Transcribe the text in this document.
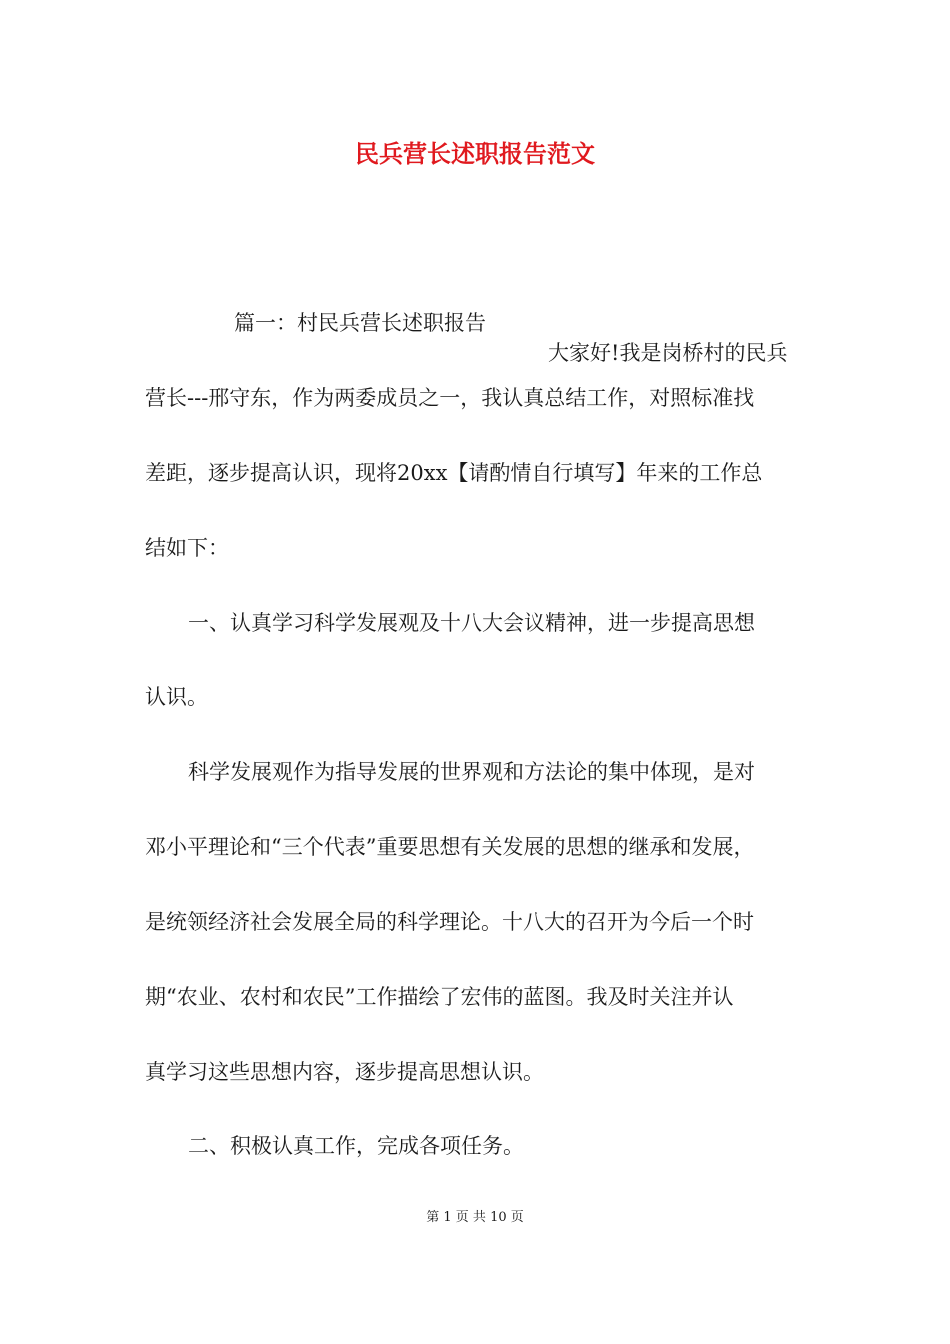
民兵营长述职报告范文

篇一：村民兵营长述职报告

大家好!我是岗桥村的民兵

营长---邢守东，作为两委成员之一，我认真总结工作，对照标准找

差距，逐步提高认识，现将20xx【请酌情自行填写】年来的工作总

结如下：

一、认真学习科学发展观及十八大会议精神，进一步提高思想

认识。

科学发展观作为指导发展的世界观和方法论的集中体现，是对

邓小平理论和“三个代表”重要思想有关发展的思想的继承和发展，

是统领经济社会发展全局的科学理论。十八大的召开为今后一个时

期“农业、农村和农民”工作描绘了宏伟的蓝图。我及时关注并认

真学习这些思想内容，逐步提高思想认识。

二、积极认真工作，完成各项任务。

第 1 页 共 10 页
